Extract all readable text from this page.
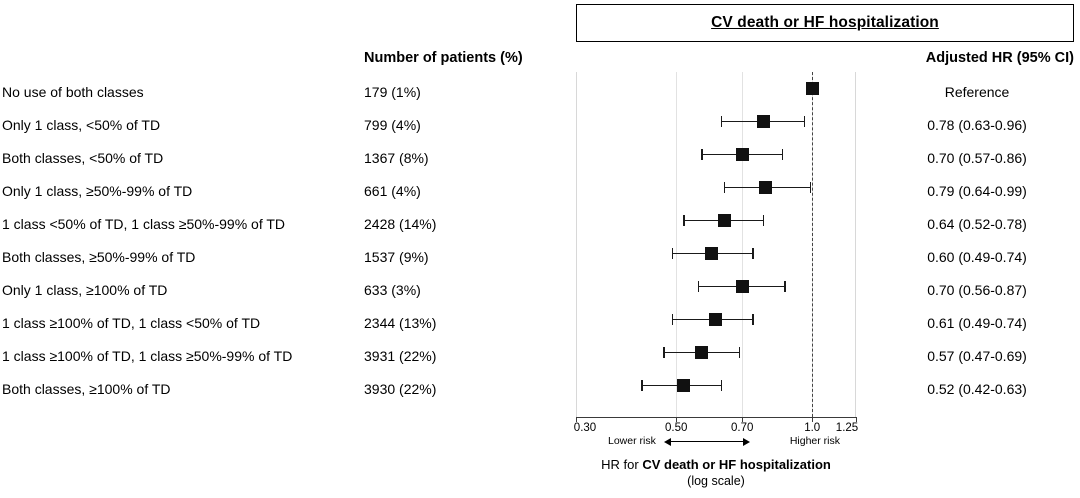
CV death or HF hospitalization
Number of patients (%)	Adjusted HR (95% CI)
No use of both classes	179 (1%)	Reference
Only 1 class, <50% of TD	799 (4%)	0.78 (0.63-0.96)
Both classes, <50% of TD	1367 (8%)	0.70 (0.57-0.86)
Only 1 class, ≥50%-99% of TD	661 (4%)	0.79 (0.64-0.99)
1 class <50% of TD, 1 class ≥50%-99% of TD	2428 (14%)	0.64 (0.52-0.78)
Both classes, ≥50%-99% of TD	1537 (9%)	0.60 (0.49-0.74)
Only 1 class, ≥100% of TD	633 (3%)	0.70 (0.56-0.87)
1 class ≥100% of TD, 1 class <50% of TD	2344 (13%)	0.61 (0.49-0.74)
1 class ≥100% of TD, 1 class ≥50%-99% of TD	3931 (22%)	0.57 (0.47-0.69)
Both classes, ≥100% of TD	3930 (22%)	0.52 (0.42-0.63)
0.30	0.50	0.70	1.0 1.25
Lower risk	Higher risk
HR for CV death or HF hospitalization
(log scale)
